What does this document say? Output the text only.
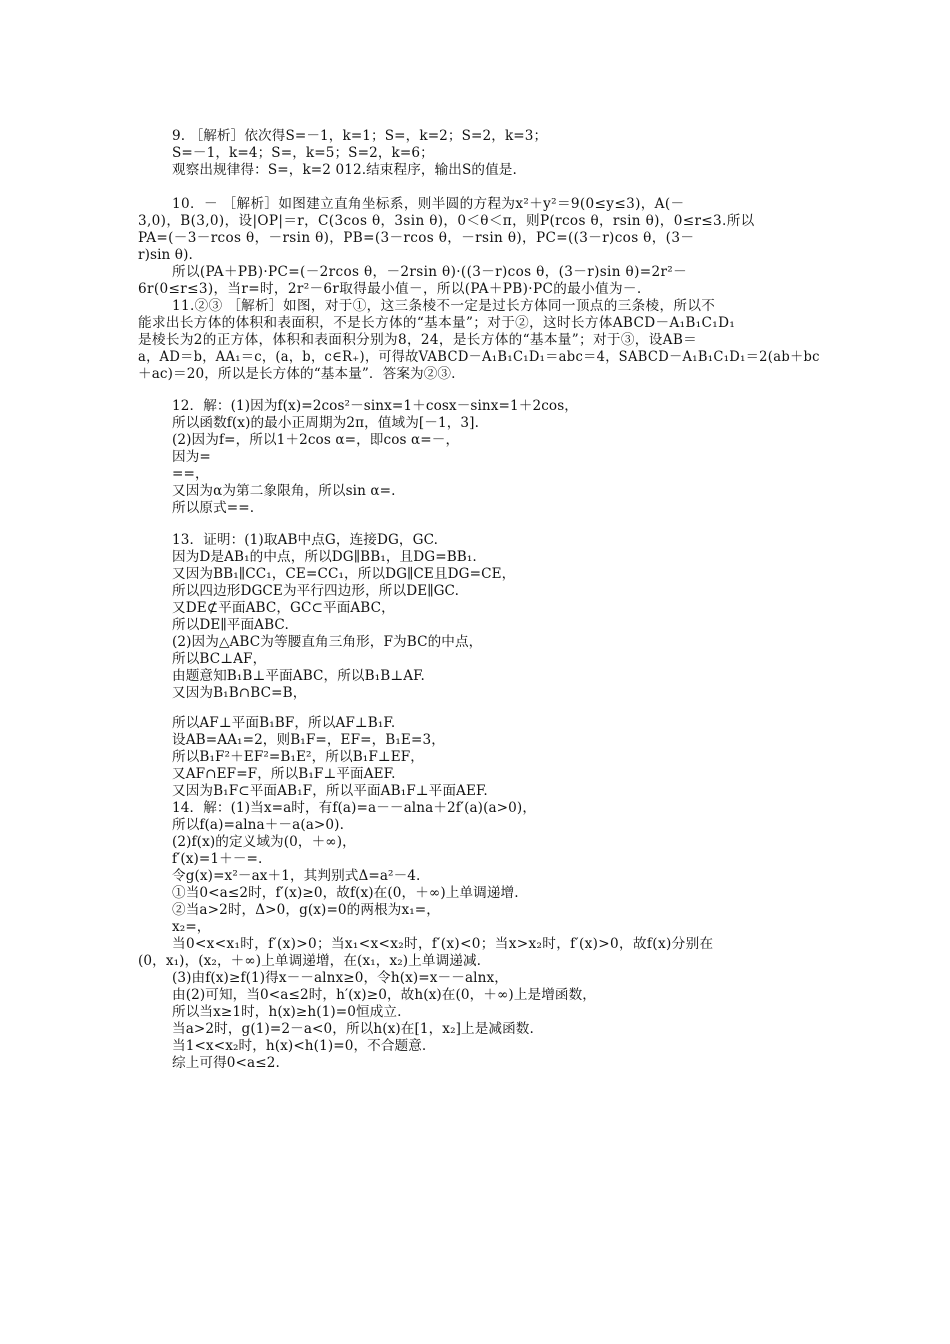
9. ［解析］依次得S=－1，k=1；S=，k=2；S=2，k=3；
S=－1，k=4；S=，k=5；S=2，k=6；
观察出规律得：S=，k=2 012.结束程序，输出S的值是.
10．－ ［解析］如图建立直角坐标系，则半圆的方程为x²＋y²＝9(0≤y≤3)，A(－
3,0)，B(3,0)，设|OP|＝r，C(3cos θ，3sin θ)，0＜θ＜π，则P(rcos θ，rsin θ)，0≤r≤3.所以
PA=(－3－rcos θ，－rsin θ)，PB=(3－rcos θ，－rsin θ)，PC=((3－r)cos θ，(3－
r)sin θ).
所以(PA＋PB)·PC=(－2rcos θ，－2rsin θ)·((3－r)cos θ，(3－r)sin θ)=2r²－
6r(0≤r≤3)，当r=时，2r²－6r取得最小值－，所以(PA＋PB)·PC的最小值为－.
11.②③ ［解析］如图，对于①，这三条棱不一定是过长方体同一顶点的三条棱，所以不
能求出长方体的体积和表面积，不是长方体的“基本量”；对于②，这时长方体ABCD－A₁B₁C₁D₁
是棱长为2的正方体，体积和表面积分别为8，24，是长方体的“基本量”；对于③，设AB＝
a，AD＝b，AA₁＝c，(a，b，c∈R₊)，可得故VABCD－A₁B₁C₁D₁＝abc＝4，SABCD－A₁B₁C₁D₁＝2(ab＋bc
＋ac)＝20，所以是长方体的“基本量”．答案为②③.
12．解：(1)因为f(x)=2cos²－sinx=1＋cosx－sinx=1＋2cos，
所以函数f(x)的最小正周期为2π，值域为[－1，3].
(2)因为f=，所以1＋2cos α=，即cos α=－，
因为=
==，
又因为α为第二象限角，所以sin α=.
所以原式==.
13．证明：(1)取AB中点G，连接DG，GC.
因为D是AB₁的中点，所以DG∥BB₁，且DG=BB₁.
又因为BB₁∥CC₁，CE=CC₁，所以DG∥CE且DG=CE，
所以四边形DGCE为平行四边形，所以DE∥GC.
又DE⊄平面ABC，GC⊂平面ABC，
所以DE∥平面ABC.
(2)因为△ABC为等腰直角三角形，F为BC的中点，
所以BC⊥AF，
由题意知B₁B⊥平面ABC，所以B₁B⊥AF.
又因为B₁B∩BC=B，
所以AF⊥平面B₁BF，所以AF⊥B₁F.
设AB=AA₁=2，则B₁F=，EF=，B₁E=3，
所以B₁F²＋EF²=B₁E²，所以B₁F⊥EF，
又AF∩EF=F，所以B₁F⊥平面AEF.
又因为B₁F⊂平面AB₁F，所以平面AB₁F⊥平面AEF.
14．解：(1)当x=a时，有f(a)=a－－alna＋2f′(a)(a>0)，
所以f(a)=alna＋－a(a>0).
(2)f(x)的定义域为(0，＋∞)，
f′(x)=1＋－=.
令g(x)=x²－ax＋1，其判别式Δ=a²－4.
①当0<a≤2时，f′(x)≥0，故f(x)在(0，＋∞)上单调递增.
②当a>2时，Δ>0，g(x)=0的两根为x₁=，
x₂=，
当0<x<x₁时，f′(x)>0；当x₁<x<x₂时，f′(x)<0；当x>x₂时，f′(x)>0，故f(x)分别在
(0，x₁)，(x₂，＋∞)上单调递增，在(x₁，x₂)上单调递减.
(3)由f(x)≥f(1)得x－－alnx≥0，令h(x)=x－－alnx，
由(2)可知，当0<a≤2时，h′(x)≥0，故h(x)在(0，＋∞)上是增函数，
所以当x≥1时，h(x)≥h(1)=0恒成立.
当a>2时，g(1)=2－a<0，所以h(x)在[1，x₂]上是减函数.
当1<x<x₂时，h(x)<h(1)=0，不合题意.
综上可得0<a≤2.
